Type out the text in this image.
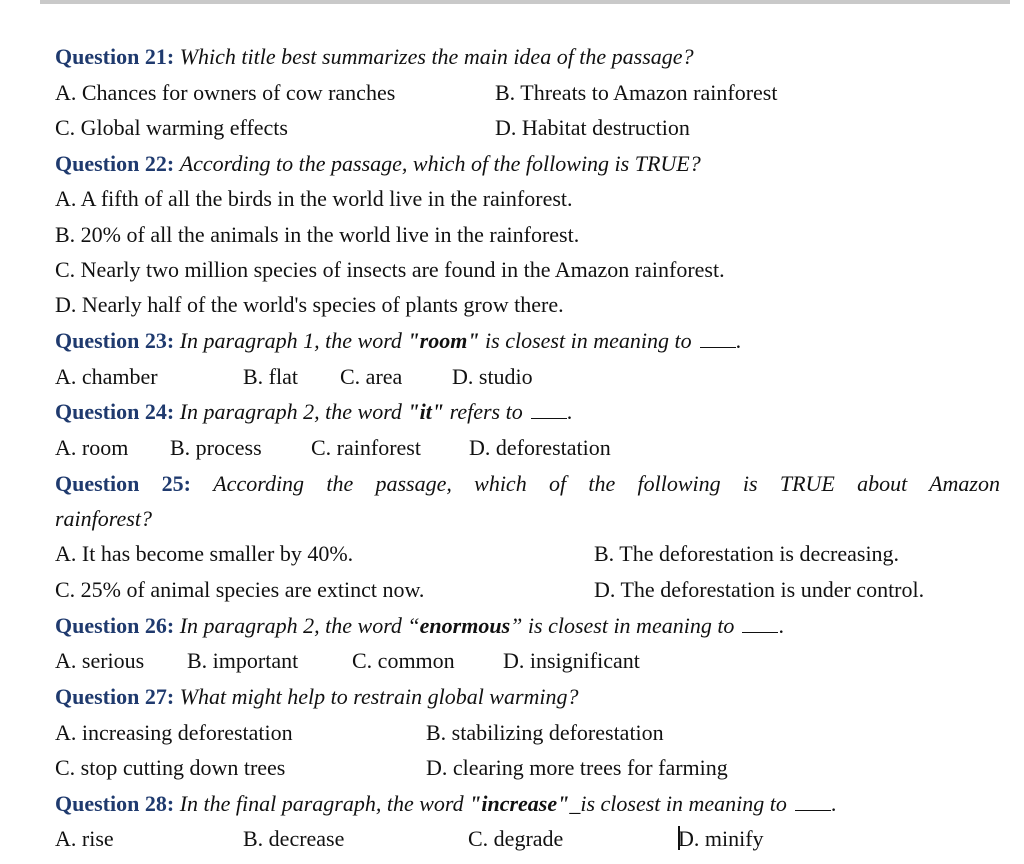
Question 21: Which title best summarizes the main idea of the passage?
A. Chances for owners of cow ranches	B. Threats to Amazon rainforest
C. Global warming effects	D. Habitat destruction
Question 22: According to the passage, which of the following is TRUE?
A. A fifth of all the birds in the world live in the rainforest.
B. 20% of all the animals in the world live in the rainforest.
C. Nearly two million species of insects are found in the Amazon rainforest.
D. Nearly half of the world's species of plants grow there.
Question 23: In paragraph 1, the word "room" is closest in meaning to .
A. chamber	B. flat C. area D. studio
Question 24: In paragraph 2, the word "it" refers to .
A. room B. process C. rainforest D. deforestation
Question 25: According the passage, which of the following is TRUE about Amazon
rainforest?
A. It has become smaller by 40%.	B. The deforestation is decreasing.
C. 25% of animal species are extinct now.	D. The deforestation is under control.
Question 26: In paragraph 2, the word “enormous” is closest in meaning to .
A. serious B. important C. common D. insignificant
Question 27: What might help to restrain global warming?
A. increasing deforestation	B. stabilizing deforestation
C. stop cutting down trees	D. clearing more trees for farming
Question 28: In the final paragraph, the word "increase"_is closest in meaning to .
A. rise	B. decrease	C. degrade	D. minify
